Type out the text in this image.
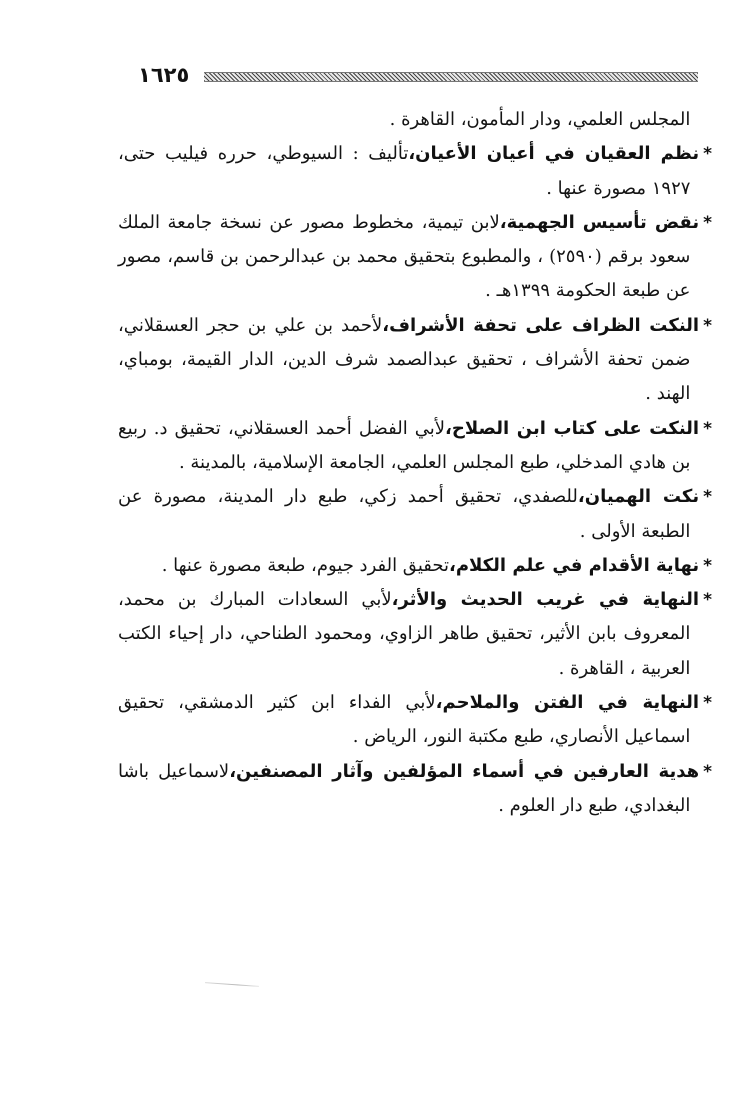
١٦٢٥

المجلس العلمي، ودار المأمون، القاهرة .

*نظم العقيان في أعيان الأعيان،تأليف : السيوطي، حرره فيليب حتى، ١٩٢٧ مصورة عنها .

*نقض تأسيس الجهمية،لابن تيمية، مخطوط مصور عن نسخة جامعة الملك سعود برقم (٢٥٩٠) ، والمطبوع بتحقيق محمد بن عبدالرحمن بن قاسم، مصور عن طبعة الحكومة ١٣٩٩هـ .

*النكت الظراف على تحفة الأشراف،لأحمد بن علي بن حجر العسقلاني، ضمن تحفة الأشراف ، تحقيق عبدالصمد شرف الدين، الدار القيمة، بومباي، الهند .

*النكت على كتاب ابن الصلاح،لأبي الفضل أحمد العسقلاني، تحقيق د. ربيع بن هادي المدخلي، طبع المجلس العلمي، الجامعة الإسلامية، بالمدينة .

*نكت الهميان،للصفدي، تحقيق أحمد زكي، طبع دار المدينة، مصورة عن الطبعة الأولى .

*نهاية الأقدام في علم الكلام،تحقيق الفرد جيوم، طبعة مصورة عنها .

*النهاية في غريب الحديث والأثر،لأبي السعادات المبارك بن محمد، المعروف بابن الأثير، تحقيق طاهر الزاوي، ومحمود الطناحي، دار إحياء الكتب العربية ، القاهرة .

*النهاية في الفتن والملاحم،لأبي الفداء ابن كثير الدمشقي، تحقيق اسماعيل الأنصاري، طبع مكتبة النور، الرياض .

*هدية العارفين في أسماء المؤلفين وآثار المصنفين،لاسماعيل باشا البغدادي، طبع دار العلوم .
